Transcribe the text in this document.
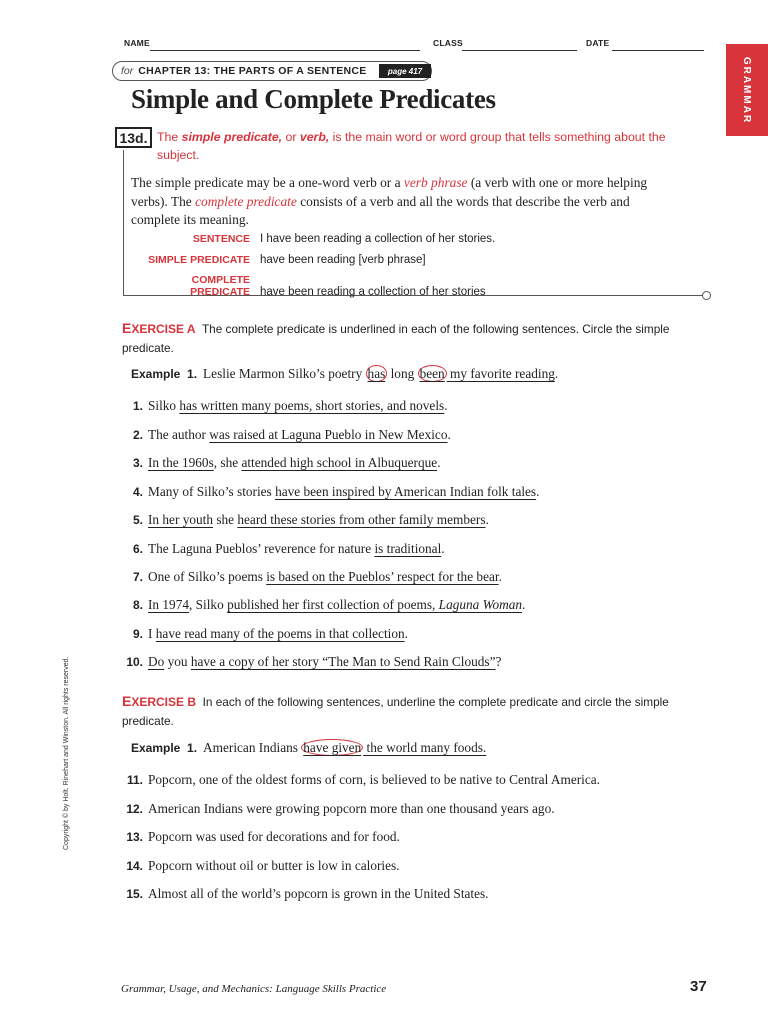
NAME	CLASS	DATE
GRAMMAR
for CHAPTER 13: THE PARTS OF A SENTENCE	page 417
Simple and Complete Predicates
13d. The simple predicate, or verb, is the main word or word group that tells something about the subject.
The simple predicate may be a one-word verb or a verb phrase (a verb with one or more helping verbs). The complete predicate consists of a verb and all the words that describe the verb and complete its meaning.
SENTENCE I have been reading a collection of her stories.
SIMPLE PREDICATE have been reading [verb phrase]
COMPLETE PREDICATE have been reading a collection of her stories
EXERCISE A The complete predicate is underlined in each of the following sentences. Circle the simple predicate.
Example 1. Leslie Marmon Silko’s poetry has long been my favorite reading.
1. Silko has written many poems, short stories, and novels.
2. The author was raised at Laguna Pueblo in New Mexico.
3. In the 1960s, she attended high school in Albuquerque.
4. Many of Silko’s stories have been inspired by American Indian folk tales.
5. In her youth she heard these stories from other family members.
6. The Laguna Pueblos’ reverence for nature is traditional.
7. One of Silko’s poems is based on the Pueblos’ respect for the bear.
8. In 1974, Silko published her first collection of poems, Laguna Woman.
9. I have read many of the poems in that collection.
10. Do you have a copy of her story “The Man to Send Rain Clouds”?
EXERCISE B In each of the following sentences, underline the complete predicate and circle the simple predicate.
Example 1. American Indians have given the world many foods.
11. Popcorn, one of the oldest forms of corn, is believed to be native to Central America.
12. American Indians were growing popcorn more than one thousand years ago.
13. Popcorn was used for decorations and for food.
14. Popcorn without oil or butter is low in calories.
15. Almost all of the world’s popcorn is grown in the United States.
Copyright © by Holt, Rinehart and Winston. All rights reserved.
Grammar, Usage, and Mechanics: Language Skills Practice	37
